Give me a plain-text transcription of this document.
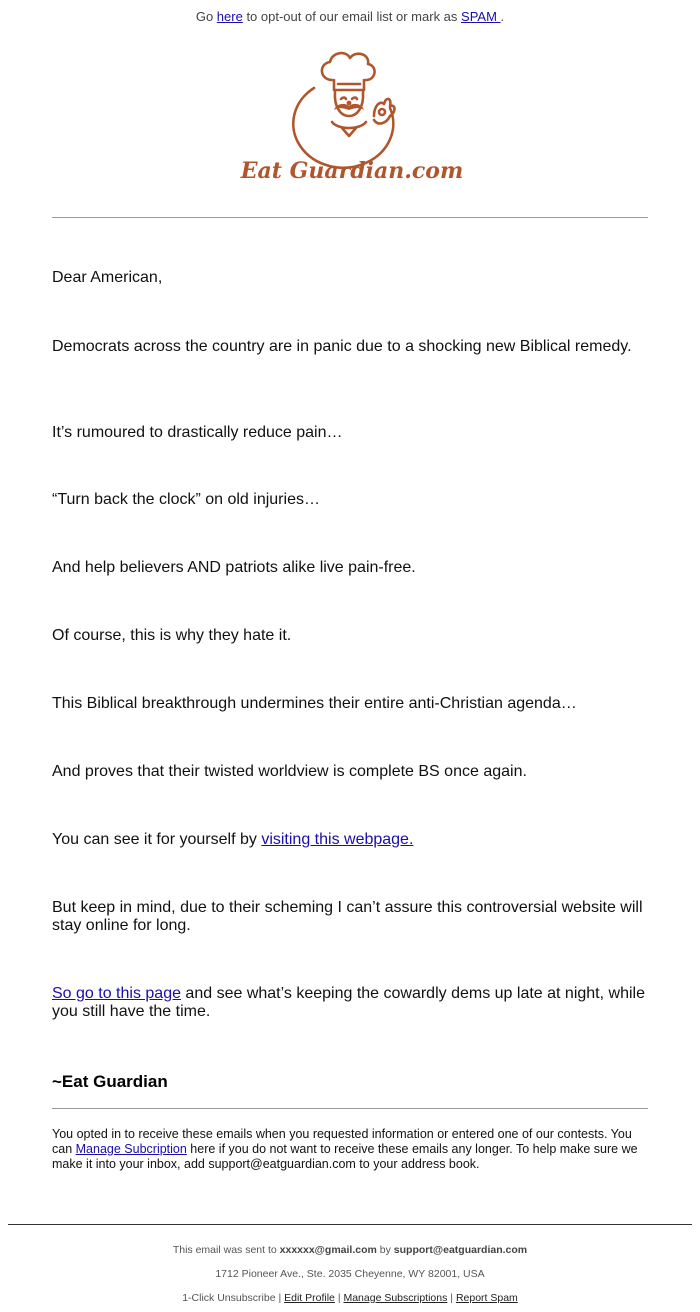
Go here to opt-out of our email list or mark as SPAM .
Eat Guardian.com

Dear American,

Democrats across the country are in panic due to a shocking new Biblical remedy.

It’s rumoured to drastically reduce pain…

“Turn back the clock” on old injuries…

And help believers AND patriots alike live pain-free.

Of course, this is why they hate it.

This Biblical breakthrough undermines their entire anti-Christian agenda…

And proves that their twisted worldview is complete BS once again.

You can see it for yourself by visiting this webpage.

But keep in mind, due to their scheming I can’t assure this controversial website will stay online for long.

So go to this page and see what’s keeping the cowardly dems up late at night, while you still have the time.

~Eat Guardian

You opted in to receive these emails when you requested information or entered one of our contests. You can Manage Subcription here if you do not want to receive these emails any longer. To help make sure we make it into your inbox, add support@eatguardian.com to your address book.

This email was sent to xxxxxx@gmail.com by support@eatguardian.com

1712 Pioneer Ave., Ste. 2035 Cheyenne, WY 82001, USA

1-Click Unsubscribe | Edit Profile | Manage Subscriptions | Report Spam
